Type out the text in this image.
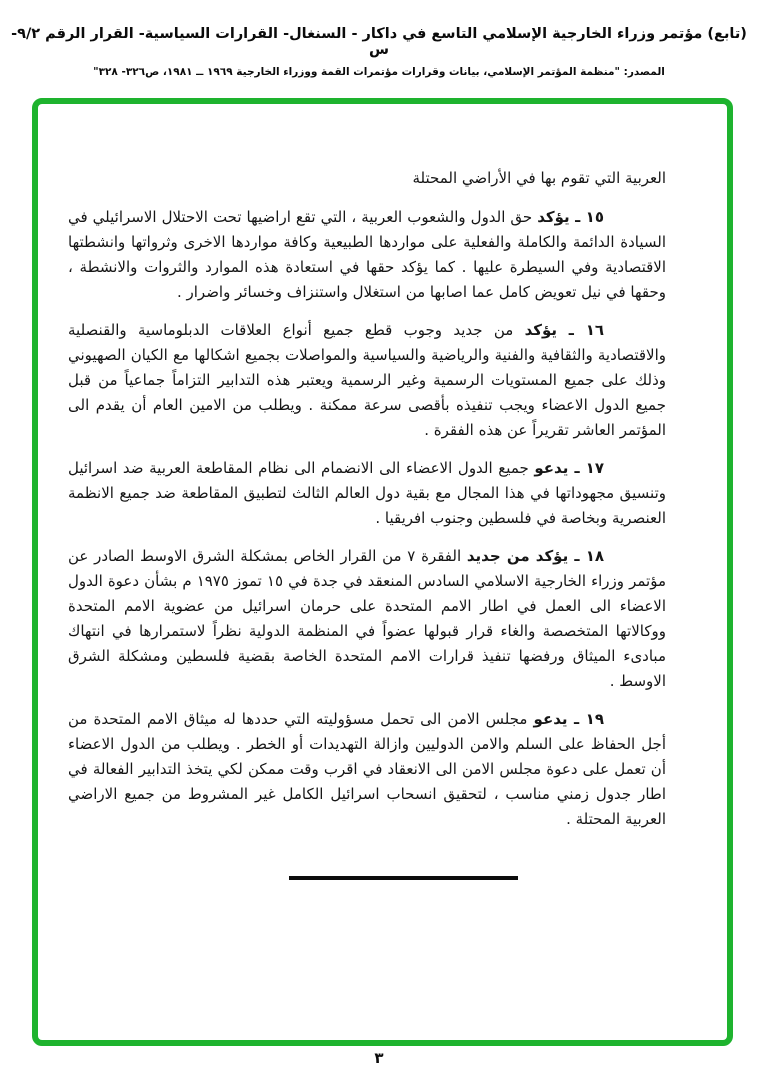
(تابع) مؤتمر وزراء الخارجية الإسلامي التاسع في داكار - السنغال- القرارات السياسية- القرار الرقم ٩/٢- س
المصدر: "منظمة المؤتمر الإسلامي، بيانات وقرارات مؤتمرات القمة ووزراء الخارجية ١٩٦٩ ــ ١٩٨١، ص٣٢٦- ٣٢٨"

العربية التي تقوم بها في الأراضي المحتلة

١٥ ـ يؤكد حق الدول والشعوب العربية ، التي تقع اراضيها تحت الاحتلال الاسرائيلي في السيادة الدائمة والكاملة والفعلية على مواردها الطبيعية وكافة مواردها الاخرى وثرواتها وانشطتها الاقتصادية وفي السيطرة عليها . كما يؤكد حقها في استعادة هذه الموارد والثروات والانشطة ، وحقها في نيل تعويض كامل عما اصابها من استغلال واستنزاف وخسائر واضرار .

١٦ ـ يؤكد من جديد وجوب قطع جميع أنواع العلاقات الدبلوماسية والقنصلية والاقتصادية والثقافية والفنية والرياضية والسياسية والمواصلات بجميع اشكالها مع الكيان الصهيوني وذلك على جميع المستويات الرسمية وغير الرسمية ويعتبر هذه التدابير التزاماً جماعياً من قبل جميع الدول الاعضاء ويجب تنفيذه بأقصى سرعة ممكنة . ويطلب من الامين العام أن يقدم الى المؤتمر العاشر تقريراً عن هذه الفقرة .

١٧ ـ يدعو جميع الدول الاعضاء الى الانضمام الى نظام المقاطعة العربية ضد اسرائيل وتنسيق مجهوداتها في هذا المجال مع بقية دول العالم الثالث لتطبيق المقاطعة ضد جميع الانظمة العنصرية وبخاصة في فلسطين وجنوب افريقيا .

١٨ ـ يؤكد من جديد الفقرة ٧ من القرار الخاص بمشكلة الشرق الاوسط الصادر عن مؤتمر وزراء الخارجية الاسلامي السادس المنعقد في جدة في ١٥ تموز ١٩٧٥ م بشأن دعوة الدول الاعضاء الى العمل في اطار الامم المتحدة على حرمان اسرائيل من عضوية الامم المتحدة ووكالاتها المتخصصة والغاء قرار قبولها عضواً في المنظمة الدولية نظراً لاستمرارها في انتهاك مبادىء الميثاق ورفضها تنفيذ قرارات الامم المتحدة الخاصة بقضية فلسطين ومشكلة الشرق الاوسط .

١٩ ـ يدعو مجلس الامن الى تحمل مسؤوليته التي حددها له ميثاق الامم المتحدة من أجل الحفاظ على السلم والامن الدوليين وازالة التهديدات أو الخطر . ويطلب من الدول الاعضاء أن تعمل على دعوة مجلس الامن الى الانعقاد في اقرب وقت ممكن لكي يتخذ التدابير الفعالة في اطار جدول زمني مناسب ، لتحقيق انسحاب اسرائيل الكامل غير المشروط من جميع الاراضي العربية المحتلة .

٣
